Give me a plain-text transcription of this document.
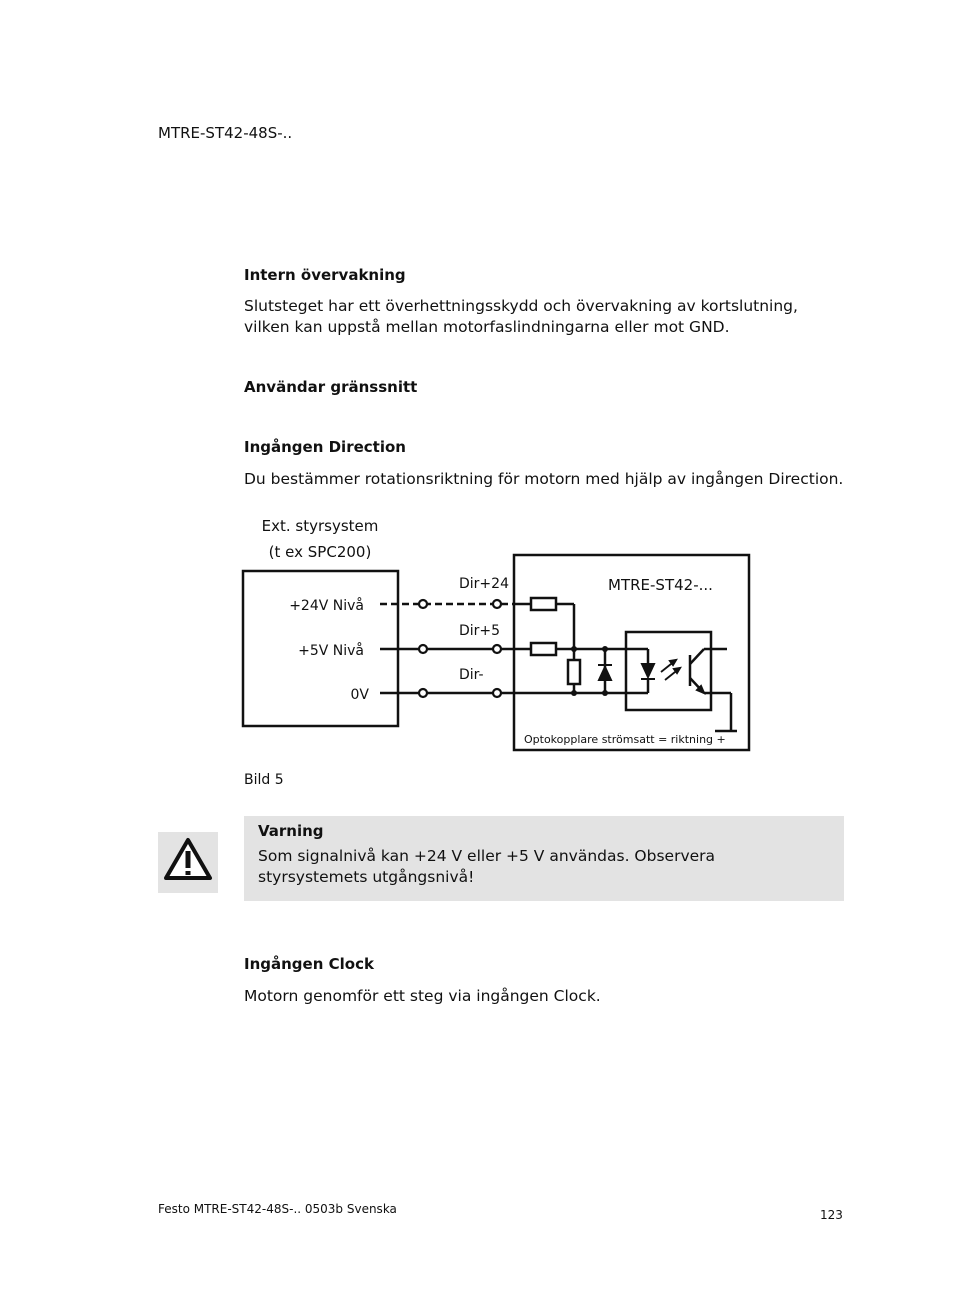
MTRE-ST42-48S-..
Intern övervakning
Slutsteget har ett överhettningsskydd och övervakning av kortslutning, vilken kan uppstå mellan motorfaslindningarna eller mot GND.
Användar gränssnitt
Ingången Direction
Du bestämmer rotationsriktning för motorn med hjälp av ingången Direction.
Ext. styrsystem
(t ex SPC200)
+24V Nivå
+5V Nivå
0V
Dir+24
Dir+5
Dir-
MTRE-ST42-...
Optokopplare strömsatt = riktning +
Bild 5
Varning
Som signalnivå kan +24 V eller +5 V användas. Observera styrsystemets utgångsnivå!
Ingången Clock
Motorn genomför ett steg via ingången Clock.
Festo MTRE-ST42-48S-.. 0503b Svenska	123
